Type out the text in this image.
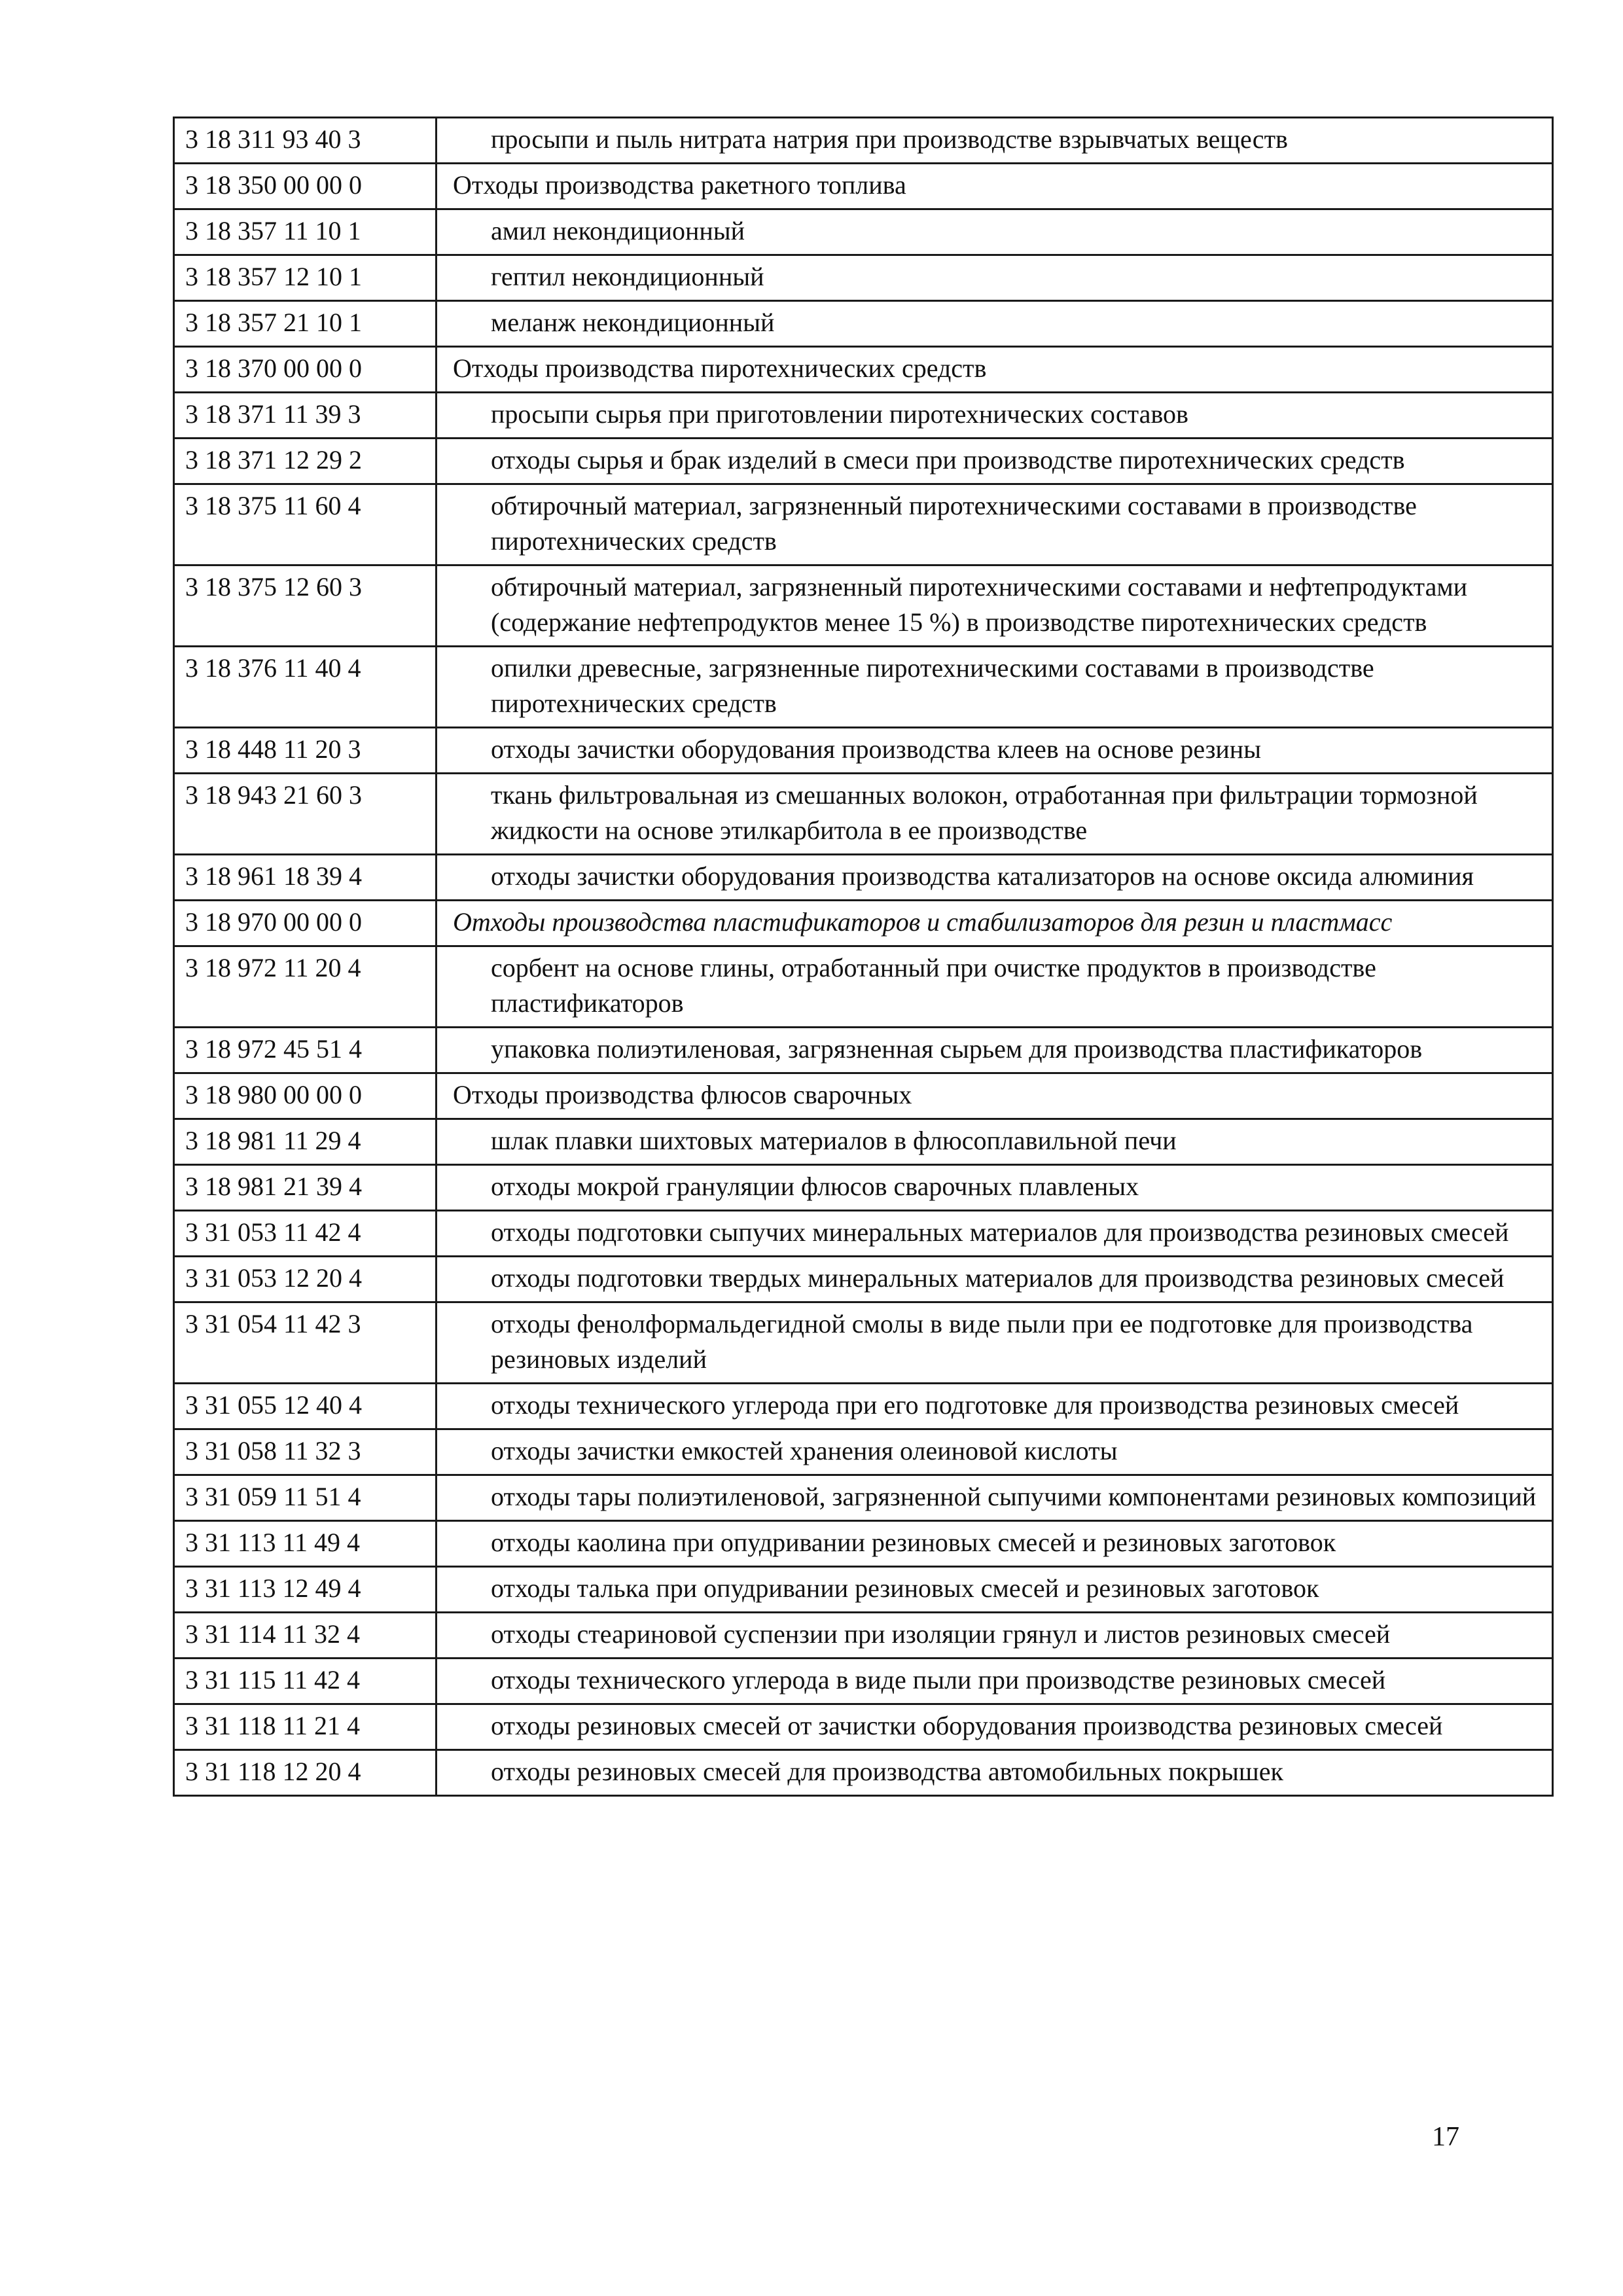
3 18 311 93 40 3	просыпи и пыль нитрата натрия при производстве взрывчатых веществ
3 18 350 00 00 0	Отходы производства ракетного топлива
3 18 357 11 10 1	амил некондиционный
3 18 357 12 10 1	гептил некондиционный
3 18 357 21 10 1	меланж некондиционный
3 18 370 00 00 0	Отходы производства пиротехнических средств
3 18 371 11 39 3	просыпи сырья при приготовлении пиротехнических составов
3 18 371 12 29 2	отходы сырья и брак изделий в смеси при производстве пиротехнических средств
3 18 375 11 60 4	обтирочный материал, загрязненный пиротехническими составами в производстве пиротехнических средств
3 18 375 12 60 3	обтирочный материал, загрязненный пиротехническими составами и нефтепродуктами (содержание нефтепродуктов менее 15 %) в производстве пиротехнических средств
3 18 376 11 40 4	опилки древесные, загрязненные пиротехническими составами в производстве пиротехнических средств
3 18 448 11 20 3	отходы зачистки оборудования производства клеев на основе резины
3 18 943 21 60 3	ткань фильтровальная из смешанных волокон, отработанная при фильтрации тормозной жидкости на основе этилкарбитола в ее производстве
3 18 961 18 39 4	отходы зачистки оборудования производства катализаторов на основе оксида алюминия
3 18 970 00 00 0	Отходы производства пластификаторов и стабилизаторов для резин и пластмасс
3 18 972 11 20 4	сорбент на основе глины, отработанный при очистке продуктов в производстве пластификаторов
3 18 972 45 51 4	упаковка полиэтиленовая, загрязненная сырьем для производства пластификаторов
3 18 980 00 00 0	Отходы производства флюсов сварочных
3 18 981 11 29 4	шлак плавки шихтовых материалов в флюсоплавильной печи
3 18 981 21 39 4	отходы мокрой грануляции флюсов сварочных плавленых
3 31 053 11 42 4	отходы подготовки сыпучих минеральных материалов для производства резиновых смесей
3 31 053 12 20 4	отходы подготовки твердых минеральных материалов для производства резиновых смесей
3 31 054 11 42 3	отходы фенолформальдегидной смолы в виде пыли при ее подготовке для производства резиновых изделий
3 31 055 12 40 4	отходы технического углерода при его подготовке для производства резиновых смесей
3 31 058 11 32 3	отходы зачистки емкостей хранения олеиновой кислоты
3 31 059 11 51 4	отходы тары полиэтиленовой, загрязненной сыпучими компонентами резиновых композиций
3 31 113 11 49 4	отходы каолина при опудривании резиновых смесей и резиновых заготовок
3 31 113 12 49 4	отходы талька при опудривании резиновых смесей и резиновых заготовок
3 31 114 11 32 4	отходы стеариновой суспензии при изоляции грянул и листов резиновых смесей
3 31 115 11 42 4	отходы технического углерода в виде пыли при производстве резиновых смесей
3 31 118 11 21 4	отходы резиновых смесей от зачистки оборудования производства резиновых смесей
3 31 118 12 20 4	отходы резиновых смесей для производства автомобильных покрышек
17
